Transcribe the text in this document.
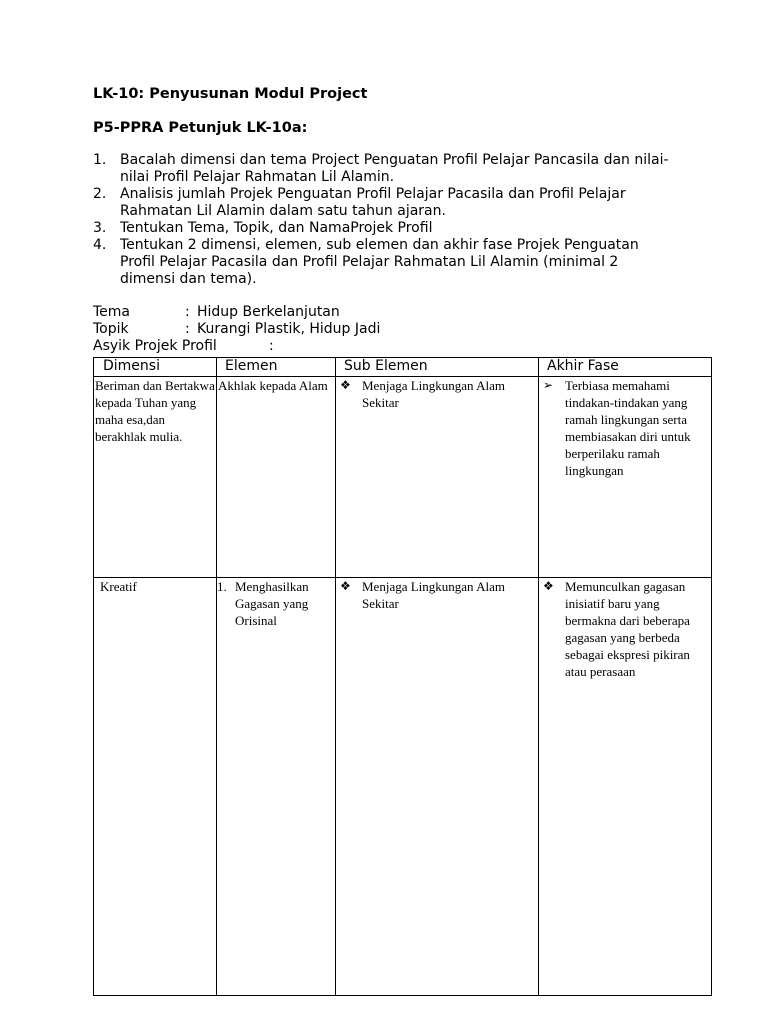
LK-10: Penyusunan Modul Project
P5-PPRA Petunjuk LK-10a:
1. Bacalah dimensi dan tema Project Penguatan Profil Pelajar Pancasila dan nilai-nilai Profil Pelajar Rahmatan Lil Alamin.
2. Analisis jumlah Projek Penguatan Profil Pelajar Pacasila dan Profil Pelajar Rahmatan Lil Alamin dalam satu tahun ajaran.
3. Tentukan Tema, Topik, dan NamaProjek Profil
4. Tentukan 2 dimensi, elemen, sub elemen dan akhir fase Projek Penguatan Profil Pelajar Pacasila dan Profil Pelajar Rahmatan Lil Alamin (minimal 2 dimensi dan tema).
Tema	: Hidup Berkelanjutan
Topik	: Kurangi Plastik, Hidup Jadi
Asyik Projek Profil	:
Dimensi	Elemen	Sub Elemen	Akhir Fase
Beriman dan Bertakwa kepada Tuhan yang maha esa,dan berakhlak mulia.	Akhlak kepada Alam	❖ Menjaga Lingkungan Alam Sekitar	➢ Terbiasa memahami tindakan-tindakan yang ramah lingkungan serta membiasakan diri untuk berperilaku ramah lingkungan

Kreatif	1. Menghasilkan Gagasan yang Orisinal	❖ Menjaga Lingkungan Alam Sekitar	❖ Memunculkan gagasan inisiatif baru yang bermakna dari beberapa gagasan yang berbeda sebagai ekspresi pikiran atau perasaan
